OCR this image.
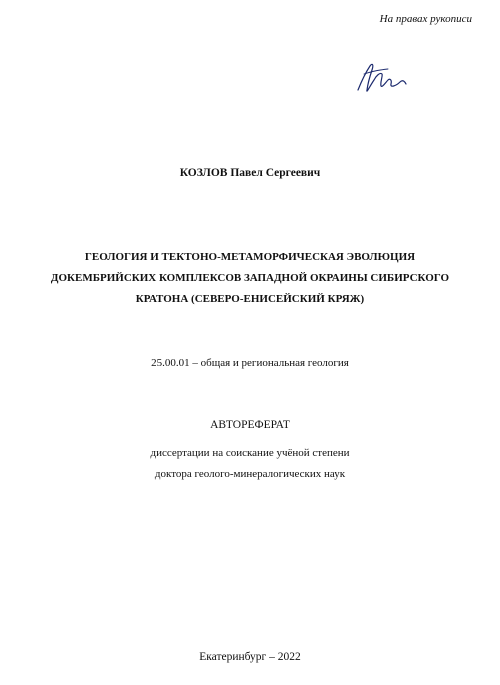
На правах рукописи
КОЗЛОВ Павел Сергеевич
ГЕОЛОГИЯ И ТЕКТОНО-МЕТАМОРФИЧЕСКАЯ ЭВОЛЮЦИЯ
ДОКЕМБРИЙСКИХ КОМПЛЕКСОВ ЗАПАДНОЙ ОКРАИНЫ СИБИРСКОГО
КРАТОНА (СЕВЕРО-ЕНИСЕЙСКИЙ КРЯЖ)
25.00.01 – общая и региональная геология
АВТОРЕФЕРАТ
диссертации на соискание учёной степени
доктора геолого-минералогических наук
Екатеринбург – 2022
